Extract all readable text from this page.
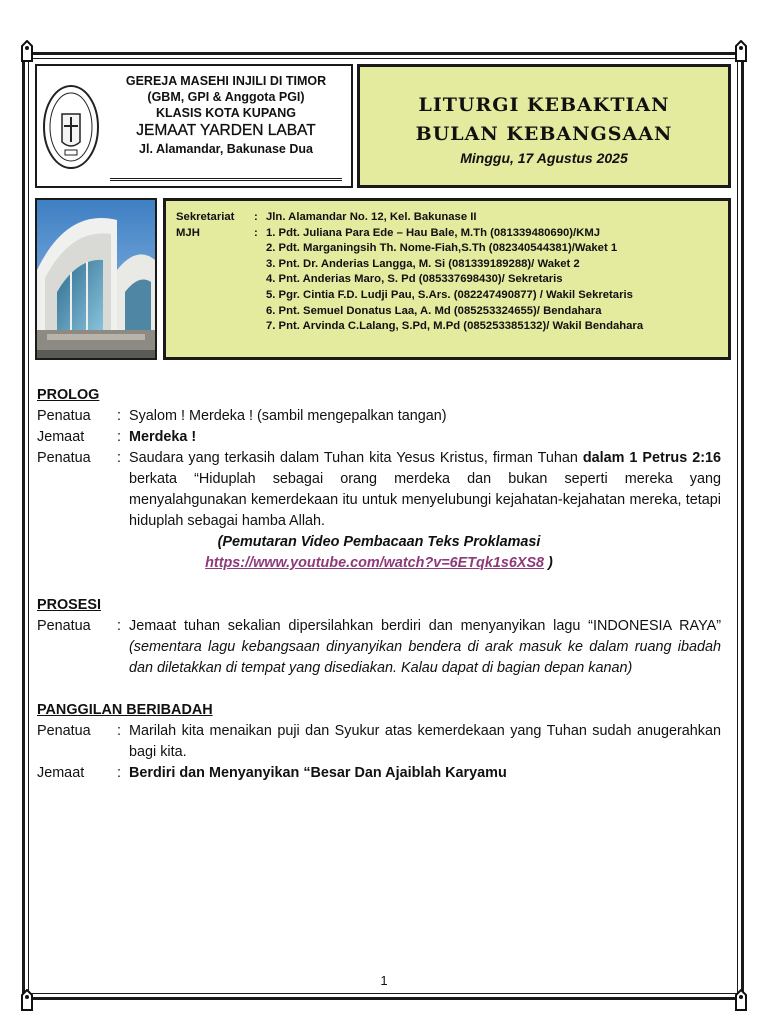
GEREJA MASEHI INJILI DI TIMOR
(GBM, GPI & Anggota PGI)
KLASIS KOTA KUPANG
JEMAAT YARDEN LABAT
Jl. Alamandar, Bakunase Dua
LITURGI KEBAKTIAN
BULAN KEBANGSAAN
Minggu, 17 Agustus 2025
Sekretariat	: Jln. Alamandar No. 12, Kel. Bakunase II
MJH	: 1. Pdt. Juliana Para Ede – Hau Bale, M.Th (081339480690)/KMJ
2. Pdt. Marganingsih Th. Nome-Fiah,S.Th (082340544381)/Waket 1
3. Pnt. Dr. Anderias Langga, M. Si (081339189288)/ Waket 2
4. Pnt. Anderias Maro, S. Pd (085337698430)/ Sekretaris
5. Pgr. Cintia F.D. Ludji Pau, S.Ars. (082247490877) / Wakil Sekretaris
6. Pnt. Semuel Donatus Laa, A. Md (085253324655)/ Bendahara
7. Pnt. Arvinda C.Lalang, S.Pd, M.Pd (085253385132)/ Wakil Bendahara
PROLOG
Penatua	: Syalom ! Merdeka ! (sambil mengepalkan tangan)
Jemaat	: Merdeka !
Penatua	: Saudara yang terkasih dalam Tuhan kita Yesus Kristus, firman Tuhan dalam 1 Petrus 2:16 berkata “Hiduplah sebagai orang merdeka dan bukan seperti mereka yang menyalahgunakan kemerdekaan itu untuk menyelubungi kejahatan-kejahatan mereka, tetapi hiduplah sebagai hamba Allah.
(Pemutaran Video Pembacaan Teks Proklamasi
https://www.youtube.com/watch?v=6ETqk1s6XS8 )
PROSESI
Penatua	: Jemaat tuhan sekalian dipersilahkan berdiri dan menyanyikan lagu “INDONESIA RAYA” (sementara lagu kebangsaan dinyanyikan bendera di arak masuk ke dalam ruang ibadah dan diletakkan di tempat yang disediakan. Kalau dapat di bagian depan kanan)
PANGGILAN BERIBADAH
Penatua	: Marilah kita menaikan puji dan Syukur atas kemerdekaan yang Tuhan sudah anugerahkan bagi kita.
Jemaat	: Berdiri dan Menyanyikan “Besar Dan Ajaiblah Karyamu
1
